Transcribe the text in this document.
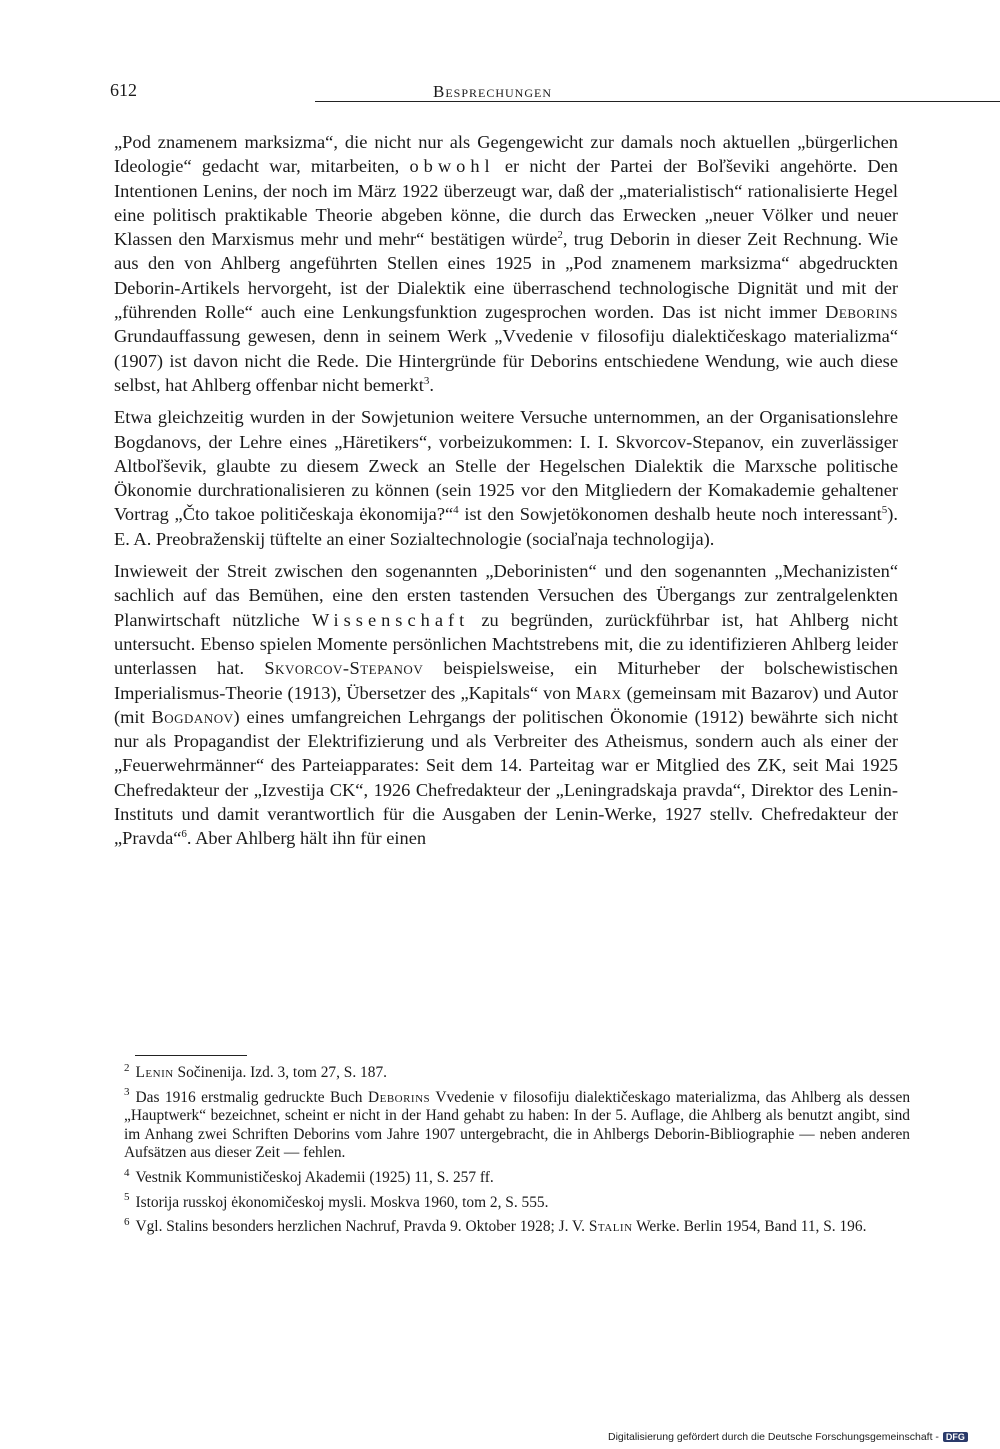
612	Besprechungen

„Pod znamenem marksizma“, die nicht nur als Gegengewicht zur damals noch aktuellen „bürgerlichen Ideologie“ gedacht war, mitarbeiten, obwohl er nicht der Partei der Boľševiki angehörte. Den Intentionen Lenins, der noch im März 1922 überzeugt war, daß der „materialistisch“ rationalisierte Hegel eine politisch praktikable Theorie abgeben könne, die durch das Erwecken „neuer Völker und neuer Klassen den Marxismus mehr und mehr“ bestätigen würde$^2$, trug Deborin in dieser Zeit Rechnung. Wie aus den von Ahlberg angeführten Stellen eines 1925 in „Pod znamenem marksizma“ abgedruckten Deborin-Artikels hervorgeht, ist der Dialektik eine überraschend technologische Dignität und mit der „führenden Rolle“ auch eine Lenkungsfunktion zugesprochen worden. Das ist nicht immer Deborins Grundauffassung gewesen, denn in seinem Werk „Vvedenie v filosofiju dialektičeskago materializma“ (1907) ist davon nicht die Rede. Die Hintergründe für Deborins entschiedene Wendung, wie auch diese selbst, hat Ahlberg offenbar nicht bemerkt$^3$.

Etwa gleichzeitig wurden in der Sowjetunion weitere Versuche unternommen, an der Organisationslehre Bogdanovs, der Lehre eines „Häretikers“, vorbeizukommen: I. I. Skvorcov-Stepanov, ein zuverlässiger Altboľševik, glaubte zu diesem Zweck an Stelle der Hegelschen Dialektik die Marxsche politische Ökonomie durchrationalisieren zu können (sein 1925 vor den Mitgliedern der Komakademie gehaltener Vortrag „Čto takoe političeskaja ėkonomija?“$^4$ ist den Sowjetökonomen deshalb heute noch interessant$^5$). E. A. Preobraženskij tüftelte an einer Sozialtechnologie (sociaľnaja technologija).

Inwieweit der Streit zwischen den sogenannten „Deborinisten“ und den sogenannten „Mechanizisten“ sachlich auf das Bemühen, eine den ersten tastenden Versuchen des Übergangs zur zentralgelenkten Planwirtschaft nützliche Wissenschaft zu begründen, zurückführbar ist, hat Ahlberg nicht untersucht. Ebenso spielen Momente persönlichen Machtstrebens mit, die zu identifizieren Ahlberg leider unterlassen hat. Skvorcov-Stepanov beispielsweise, ein Miturheber der bolschewistischen Imperialismus-Theorie (1913), Übersetzer des „Kapitals“ von Marx (gemeinsam mit Bazarov) und Autor (mit Bogdanov) eines umfangreichen Lehrgangs der politischen Ökonomie (1912) bewährte sich nicht nur als Propagandist der Elektrifizierung und als Verbreiter des Atheismus, sondern auch als einer der „Feuerwehrmänner“ des Parteiapparates: Seit dem 14. Parteitag war er Mitglied des ZK, seit Mai 1925 Chefredakteur der „Izvestija CK“, 1926 Chefredakteur der „Leningradskaja pravda“, Direktor des Lenin-Instituts und damit verantwortlich für die Ausgaben der Lenin-Werke, 1927 stellv. Chefredakteur der „Pravda“$^6$. Aber Ahlberg hält ihn für einen

$^2$ Lenin Sočinenija. Izd. 3, tom 27, S. 187.

$^3$ Das 1916 erstmalig gedruckte Buch Deborins Vvedenie v filosofiju dialektičeskago materializma, das Ahlberg als dessen „Hauptwerk“ bezeichnet, scheint er nicht in der Hand gehabt zu haben: In der 5. Auflage, die Ahlberg als benutzt angibt, sind im Anhang zwei Schriften Deborins vom Jahre 1907 untergebracht, die in Ahlbergs Deborin-Bibliographie — neben anderen Aufsätzen aus dieser Zeit — fehlen.

$^4$ Vestnik Kommunističeskoj Akademii (1925) 11, S. 257 ff.

$^5$ Istorija russkoj ėkonomičeskoj mysli. Moskva 1960, tom 2, S. 555.

$^6$ Vgl. Stalins besonders herzlichen Nachruf, Pravda 9. Oktober 1928; J. V. Stalin Werke. Berlin 1954, Band 11, S. 196.

Digitalisierung gefördert durch die Deutsche Forschungsgemeinschaft - DFG
